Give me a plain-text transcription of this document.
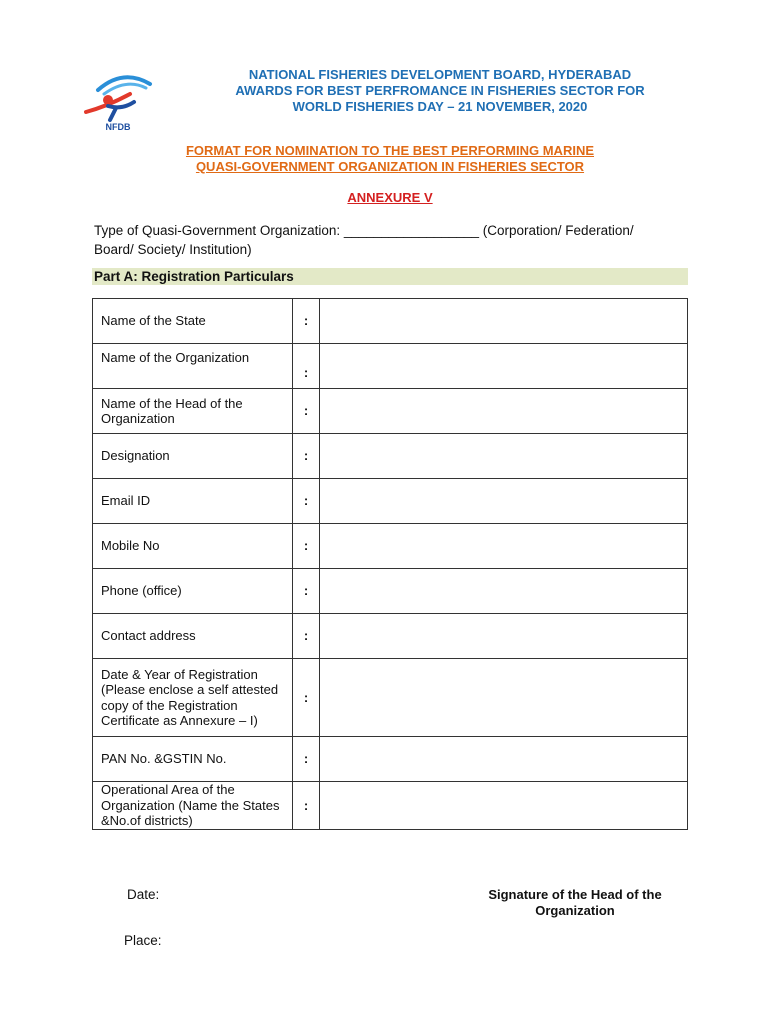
NFDB
NATIONAL FISHERIES DEVELOPMENT BOARD, HYDERABAD
AWARDS FOR BEST PERFROMANCE IN FISHERIES SECTOR FOR
WORLD FISHERIES DAY – 21 NOVEMBER, 2020
FORMAT FOR NOMINATION TO THE BEST PERFORMING MARINE
QUASI-GOVERNMENT ORGANIZATION IN FISHERIES SECTOR
ANNEXURE V
Type of Quasi-Government Organization: __________________ (Corporation/ Federation/
Board/ Society/ Institution)
Part A: Registration Particulars
Name of the State	:	
Name of the Organization	:	
Name of the Head of the Organization	:	
Designation	:	
Email ID	:	
Mobile No	:	
Phone (office)	:	
Contact address	:	
Date & Year of Registration (Please enclose a self attested copy of the Registration Certificate as Annexure – I)	:	
PAN No. &GSTIN No.	:	
Operational Area of the Organization (Name the States &No.of districts)	:	
Date:
Place:
Signature of the Head of the Organization
